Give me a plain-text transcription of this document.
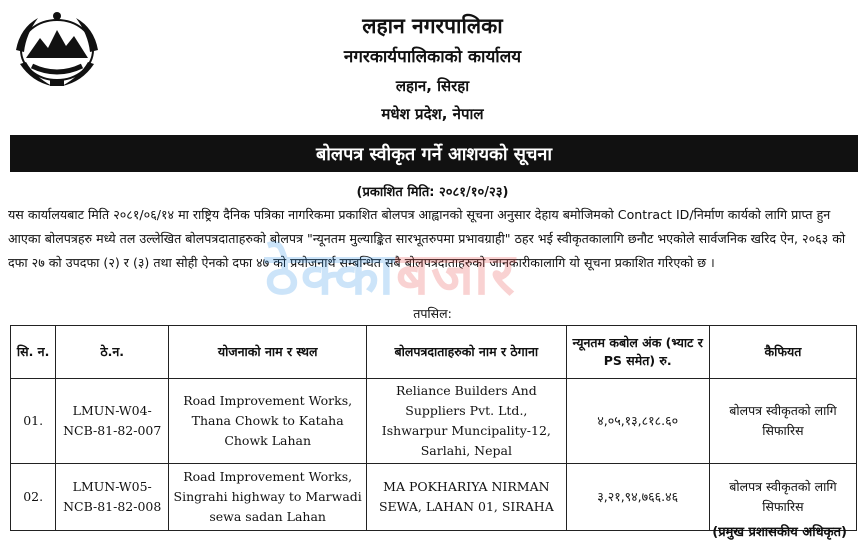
लहान नगरपालिका
नगरकार्यपालिकाको कार्यालय
लहान, सिरहा
मधेश प्रदेश, नेपाल
बोलपत्र स्वीकृत गर्ने आशयको सूचना
(प्रकाशित मिति: २०८१/१०/२३)
यस कार्यालयबाट मिति २०८१/०६/१४ मा राष्ट्रिय दैनिक पत्रिका नागरिकमा प्रकाशित बोलपत्र आह्वानको सूचना अनुसार देहाय बमोजिमको Contract ID/निर्माण कार्यको लागि प्राप्त हुन आएका बोलपत्रहरु मध्ये तल उल्लेखित बोलपत्रदाताहरुको बोलपत्र "न्यूनतम मुल्याङ्कित सारभूतरुपमा प्रभावग्राही" ठहर भई स्वीकृतकालागि छनौट भएकोले सार्वजनिक खरिद ऐन, २०६३ को दफा २७ को उपदफा (२) र (३) तथा सोही ऐनको दफा ४७ को प्रयोजनार्थ सम्बन्धित सबै बोलपत्रदाताहरुको जानकारीकालागि यो सूचना प्रकाशित गरिएको छ ।
ठेक्काबजार
तपसिल:
सि. न.	ठे.न.	योजनाको नाम र स्थल	बोलपत्रदाताहरुको नाम र ठेगाना	न्यूनतम कबोल अंक (भ्याट र PS समेत) रु.	कैफियत
01.	LMUN-W04-NCB-81-82-007	Road Improvement Works, Thana Chowk to Kataha Chowk Lahan	Reliance Builders And Suppliers Pvt. Ltd., Ishwarpur Muncipality-12, Sarlahi, Nepal	४,०५,१३,८१८.६०	बोलपत्र स्वीकृतको लागि सिफारिस
02.	LMUN-W05-NCB-81-82-008	Road Improvement Works, Singrahi highway to Marwadi sewa sadan Lahan	MA POKHARIYA NIRMAN SEWA, LAHAN 01, SIRAHA	३,२१,९४,७६६.४६	बोलपत्र स्वीकृतको लागि सिफारिस
(प्रमुख प्रशासकीय अधिकृत)
